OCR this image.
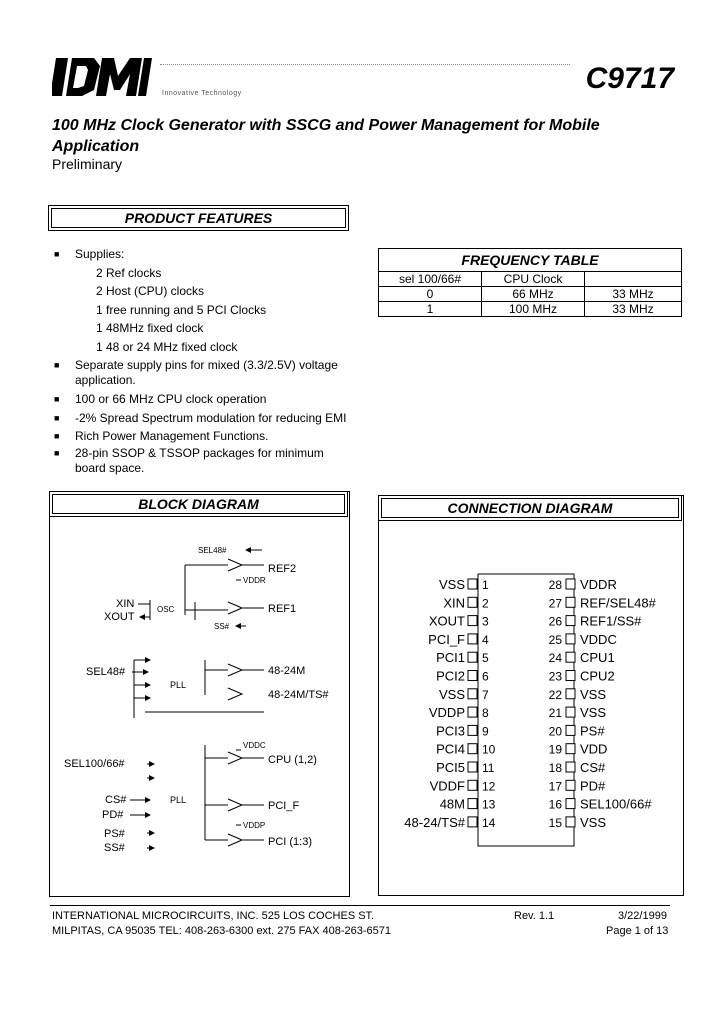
Innovative Technology	C9717
100 MHz Clock Generator with SSCG and Power Management for Mobile Application
Preliminary
PRODUCT FEATURES
■ Supplies:
2 Ref clocks
2 Host (CPU) clocks
1 free running and 5 PCI Clocks
1 48MHz fixed clock
1 48 or 24 MHz fixed clock
■ Separate supply pins for mixed (3.3/2.5V) voltage application.
■ 100 or 66 MHz CPU clock operation
■ -2% Spread Spectrum modulation for reducing EMI
■ Rich Power Management Functions.
■ 28-pin SSOP & TSSOP packages for minimum board space.
FREQUENCY TABLE
sel 100/66#	CPU Clock	
0	66 MHz	33 MHz
1	100 MHz	33 MHz
BLOCK DIAGRAM
SEL48#
REF2
VDDR
XIN
XOUT
OSC	REF1
SS#
SEL48#
PLL
48-24M
48-24M/TS#
VDDC
SEL100/66#	CPU (1,2)
CS#
PD#
PLL	PCI_F
VDDP
PS#
SS#	PCI (1:3)
CONNECTION DIAGRAM
VSS 1
XIN 2
XOUT 3
PCI_F 4
PCI1 5
PCI2 6
VSS 7
VDDP 8
PCI3 9
PCI4 10
PCI5 11
VDDF 12
48M 13
48-24/TS# 14
28 VDDR
27 REF/SEL48#
26 REF1/SS#
25 VDDC
24 CPU1
23 CPU2
22 VSS
21 VSS
20 PS#
19 VDD
18 CS#
17 PD#
16 SEL100/66#
15 VSS
INTERNATIONAL MICROCIRCUITS, INC. 525 LOS COCHES ST.
MILPITAS, CA 95035 TEL: 408-263-6300 ext. 275 FAX 408-263-6571
Rev. 1.1	3/22/1999
Page 1 of 13
